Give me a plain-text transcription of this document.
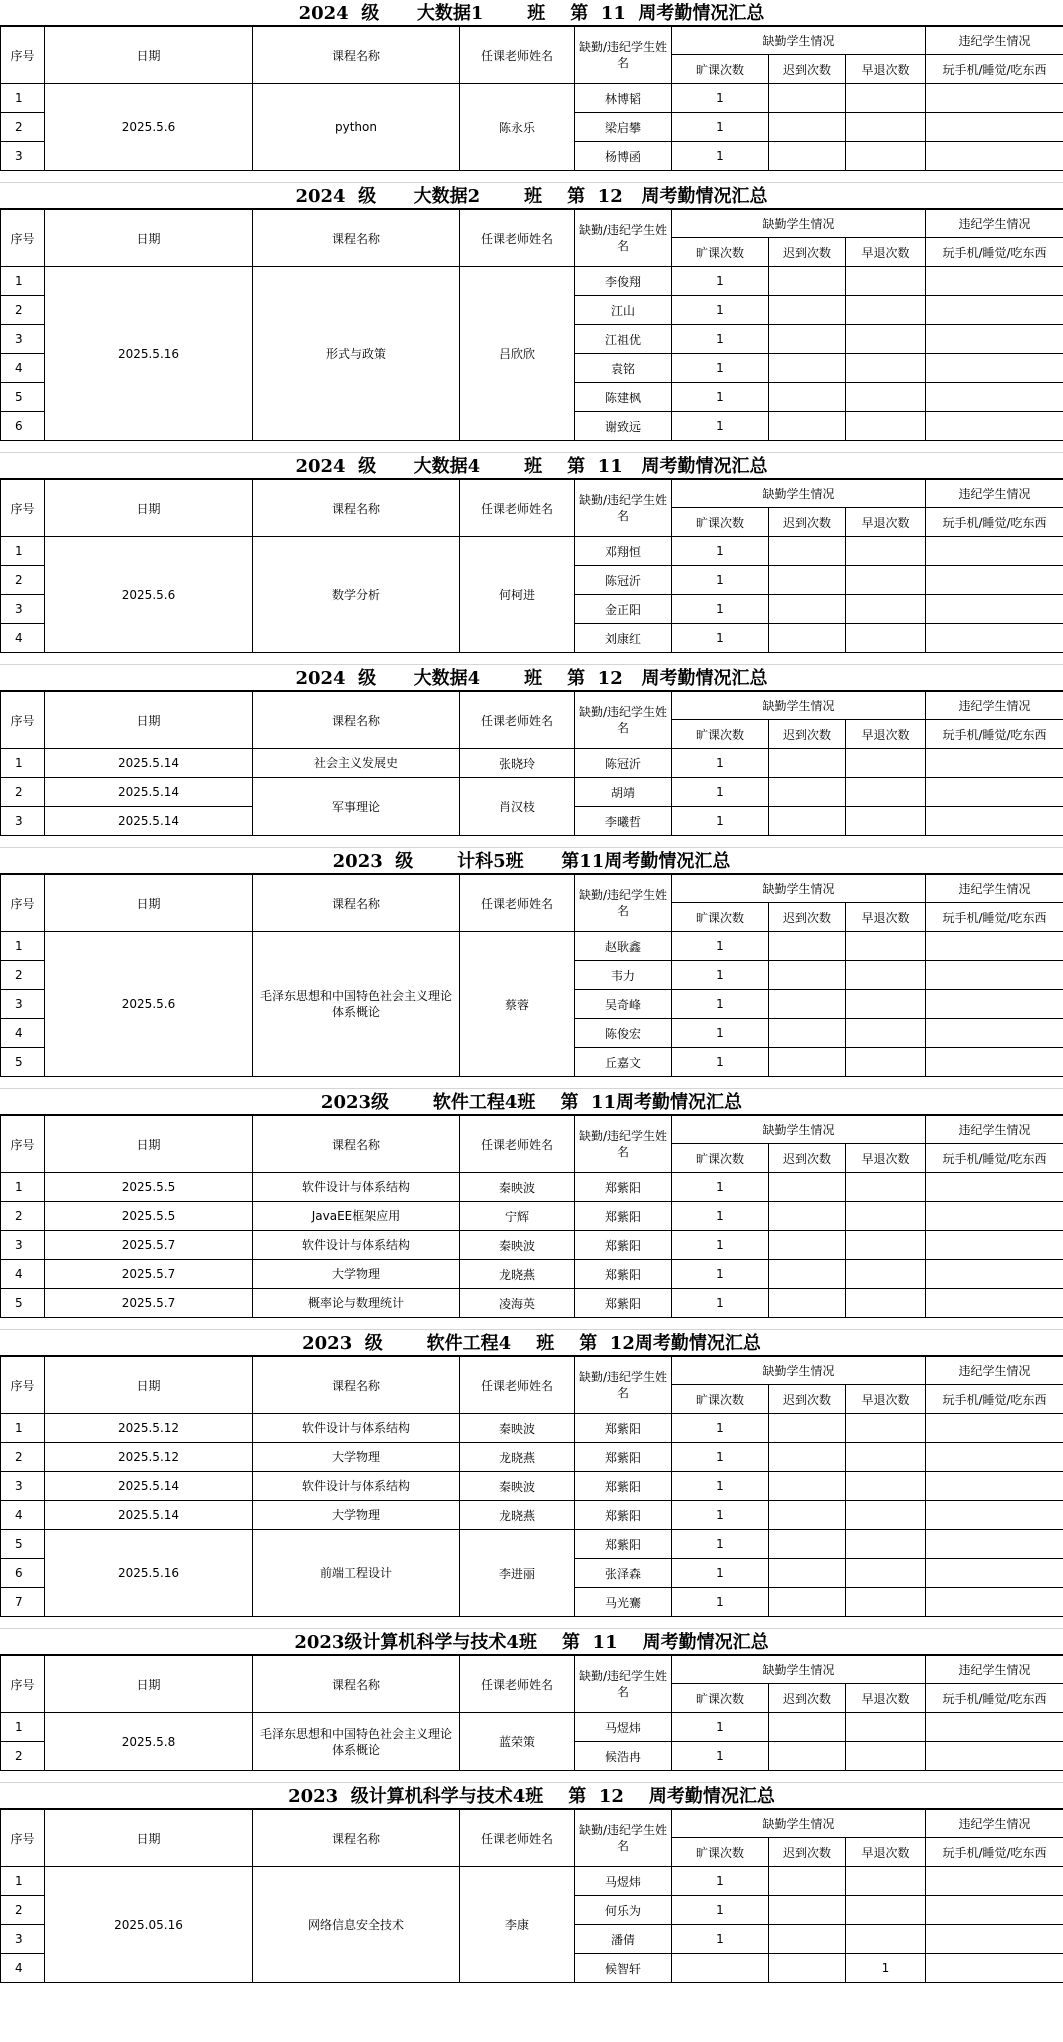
2024  级      大数据1       班    第  11  周考勤情况汇总
序号	日期	课程名称	任课老师姓名	缺勤/违纪学生姓名	缺勤学生情况			违纪学生情况
					旷课次数	迟到次数	早退次数	玩手机/睡觉/吃东西
1	2025.5.6	python	陈永乐	林博韬	1			
2				梁启攀	1			
3				杨博函	1			
2024  级      大数据2       班    第  12   周考勤情况汇总
序号	日期	课程名称	任课老师姓名	缺勤/违纪学生姓名	缺勤学生情况			违纪学生情况
					旷课次数	迟到次数	早退次数	玩手机/睡觉/吃东西
1	2025.5.16	形式与政策	吕欣欣	李俊翔	1			
2				江山	1			
3				江祖优	1			
4				袁铭	1			
5				陈建枫	1			
6				谢致远	1			
2024  级      大数据4       班    第  11   周考勤情况汇总
序号	日期	课程名称	任课老师姓名	缺勤/违纪学生姓名	缺勤学生情况			违纪学生情况
					旷课次数	迟到次数	早退次数	玩手机/睡觉/吃东西
1	2025.5.6	数学分析	何柯进	邓翔恒	1			
2				陈冠沂	1			
3				金正阳	1			
4				刘康红	1			
2024  级      大数据4       班    第  12   周考勤情况汇总
序号	日期	课程名称	任课老师姓名	缺勤/违纪学生姓名	缺勤学生情况			违纪学生情况
					旷课次数	迟到次数	早退次数	玩手机/睡觉/吃东西
1	2025.5.14	社会主义发展史	张晓玲	陈冠沂	1			
2	2025.5.14	军事理论	肖汉枝	胡靖	1			
3	2025.5.14			李曦哲	1			
2023  级       计科5班      第11周考勤情况汇总
序号	日期	课程名称	任课老师姓名	缺勤/违纪学生姓名	缺勤学生情况			违纪学生情况
					旷课次数	迟到次数	早退次数	玩手机/睡觉/吃东西
1	2025.5.6	毛泽东思想和中国特色社会主义理论体系概论	蔡蓉	赵耿鑫	1			
2				韦力	1			
3				吴奇峰	1			
4				陈俊宏	1			
5				丘嘉文	1			
2023级       软件工程4班    第  11周考勤情况汇总
序号	日期	课程名称	任课老师姓名	缺勤/违纪学生姓名	缺勤学生情况			违纪学生情况
					旷课次数	迟到次数	早退次数	玩手机/睡觉/吃东西
1	2025.5.5	软件设计与体系结构	秦映波	郑紫阳	1			
2	2025.5.5	JavaEE框架应用	宁辉	郑紫阳	1			
3	2025.5.7	软件设计与体系结构	秦映波	郑紫阳	1			
4	2025.5.7	大学物理	龙晓燕	郑紫阳	1			
5	2025.5.7	概率论与数理统计	凌海英	郑紫阳	1			
2023  级       软件工程4    班    第  12周考勤情况汇总
序号	日期	课程名称	任课老师姓名	缺勤/违纪学生姓名	缺勤学生情况			违纪学生情况
					旷课次数	迟到次数	早退次数	玩手机/睡觉/吃东西
1	2025.5.12	软件设计与体系结构	秦映波	郑紫阳	1			
2	2025.5.12	大学物理	龙晓燕	郑紫阳	1			
3	2025.5.14	软件设计与体系结构	秦映波	郑紫阳	1			
4	2025.5.14	大学物理	龙晓燕	郑紫阳	1			
5	2025.5.16	前端工程设计	李进丽	郑紫阳	1			
6				张泽森	1			
7				马光騫	1			
2023级计算机科学与技术4班    第  11    周考勤情况汇总
序号	日期	课程名称	任课老师姓名	缺勤/违纪学生姓名	缺勤学生情况			违纪学生情况
					旷课次数	迟到次数	早退次数	玩手机/睡觉/吃东西
1	2025.5.8	毛泽东思想和中国特色社会主义理论体系概论	蓝荣策	马煜炜	1			
2				候浩冉	1			
2023  级计算机科学与技术4班    第  12    周考勤情况汇总
序号	日期	课程名称	任课老师姓名	缺勤/违纪学生姓名	缺勤学生情况			违纪学生情况
					旷课次数	迟到次数	早退次数	玩手机/睡觉/吃东西
1	2025.05.16	网络信息安全技术	李康	马煜炜	1			
2				何乐为	1			
3				潘倩	1			
4				候智轩			1	
